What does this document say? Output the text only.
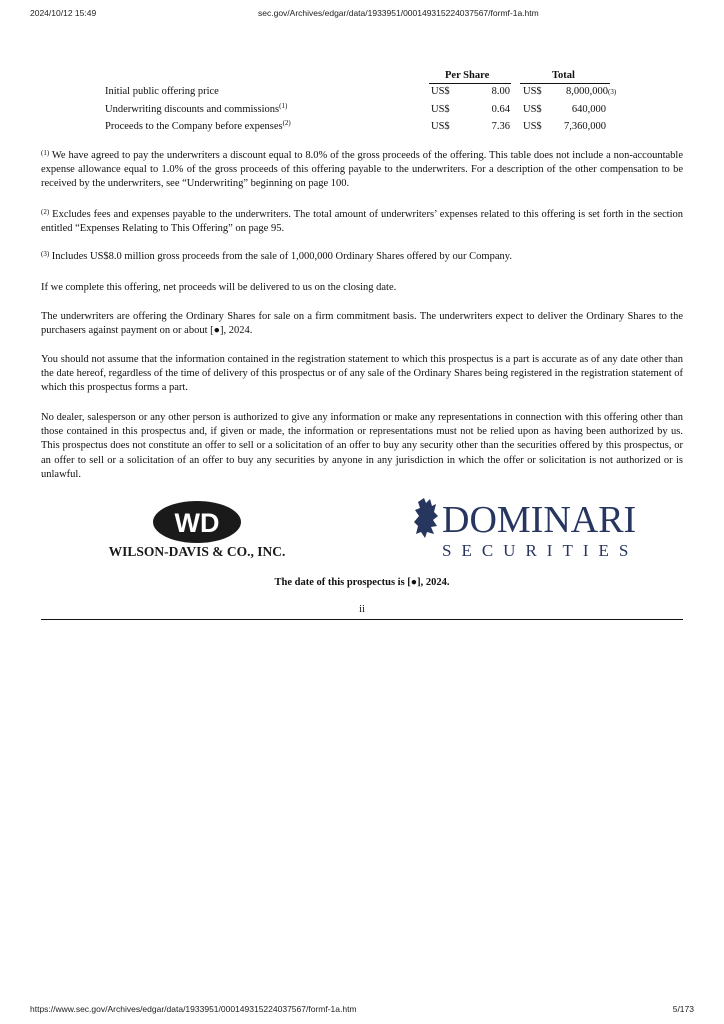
2024/10/12 15:49	sec.gov/Archives/edgar/data/1933951/000149315224037567/formf-1a.htm
Per Share	Total
Initial public offering price	US$	8.00 US$ 8,000,000 (3)
Underwriting discounts and commissions$^{(1)}$	US$	0.64 US$	640,000
Proceeds to the Company before expenses$^{(2)}$	US$	7.36 US$ 7,360,000

$^{(1)}$ We have agreed to pay the underwriters a discount equal to 8.0% of the gross proceeds of the offering. This table does not include a non-accountable expense allowance equal to 1.0% of the gross proceeds of this offering payable to the underwriters. For a description of the other compensation to be received by the underwriters, see “Underwriting” beginning on page 100.

$^{(2)}$ Excludes fees and expenses payable to the underwriters. The total amount of underwriters’ expenses related to this offering is set forth in the section entitled “Expenses Relating to This Offering” on page 95.

$^{(3)}$ Includes US$8.0 million gross proceeds from the sale of 1,000,000 Ordinary Shares offered by our Company.

If we complete this offering, net proceeds will be delivered to us on the closing date.

The underwriters are offering the Ordinary Shares for sale on a firm commitment basis. The underwriters expect to deliver the Ordinary Shares to the purchasers against payment on or about [●], 2024.

You should not assume that the information contained in the registration statement to which this prospectus is a part is accurate as of any date other than the date hereof, regardless of the time of delivery of this prospectus or of any sale of the Ordinary Shares being registered in the registration statement of which this prospectus forms a part.

No dealer, salesperson or any other person is authorized to give any information or make any representations in connection with this offering other than those contained in this prospectus and, if given or made, the information or representations must not be relied upon as having been authorized by us. This prospectus does not constitute an offer to sell or a solicitation of an offer to buy any security other than the securities offered by this prospectus, or an offer to sell or a solicitation of an offer to buy any securities by anyone in any jurisdiction in which the offer or solicitation is not authorized or is unlawful.

WD
WILSON-DAVIS & CO., INC.
DOMINARI
SECURITIES
The date of this prospectus is [●], 2024.
ii
https://www.sec.gov/Archives/edgar/data/1933951/000149315224037567/formf-1a.htm	5/173
